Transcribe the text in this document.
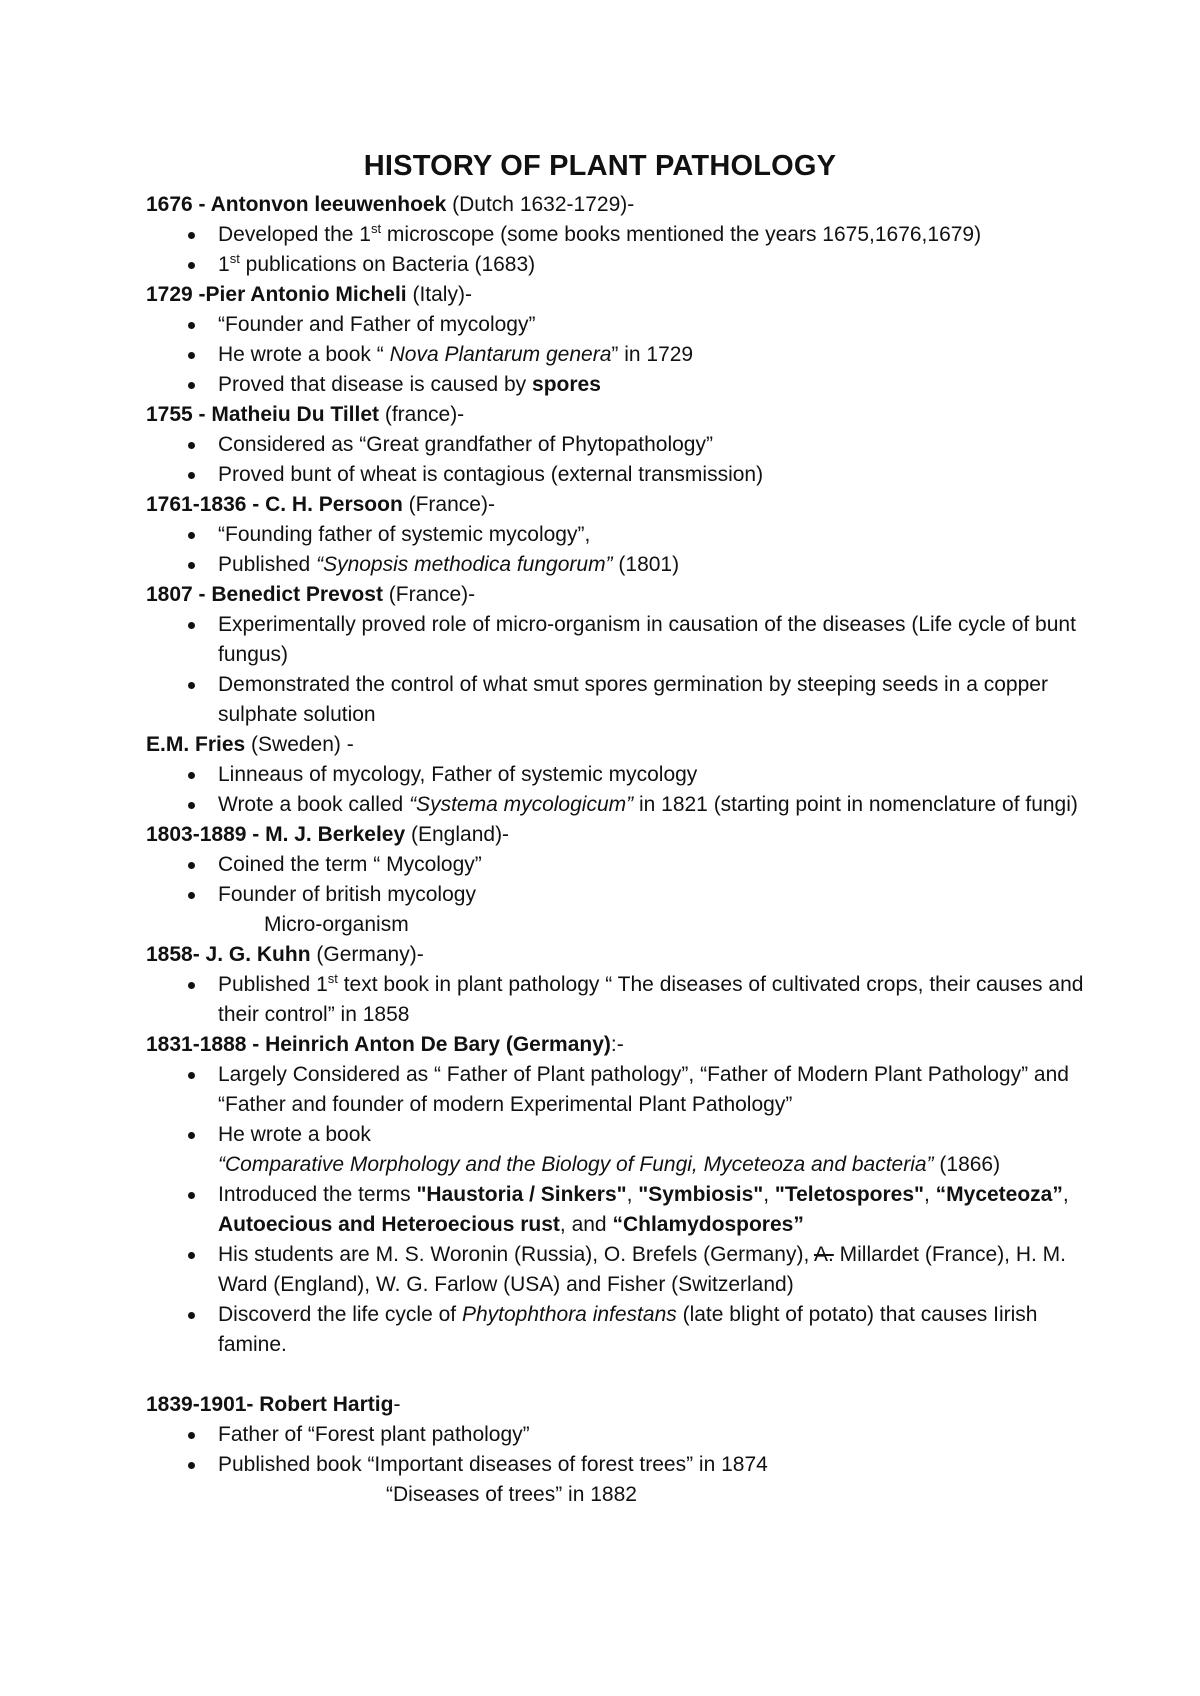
HISTORY OF PLANT PATHOLOGY
1676 - Antonvon leeuwenhoek (Dutch 1632-1729)-
Developed the 1st microscope (some books mentioned the years 1675,1676,1679)
1st publications on Bacteria (1683)
1729 -Pier Antonio Micheli (Italy)-
“Founder and Father of mycology”
He wrote a book “ Nova Plantarum genera” in 1729
Proved that disease is caused by spores
1755 - Matheiu Du Tillet (france)-
Considered as “Great grandfather of Phytopathology”
Proved bunt of wheat is contagious (external transmission)
1761-1836 - C. H. Persoon (France)-
“Founding father of systemic mycology”,
Published “Synopsis methodica fungorum” (1801)
1807 - Benedict Prevost (France)-
Experimentally proved role of micro-organism in causation of the diseases (Life cycle of bunt fungus)
Demonstrated the control of what smut spores germination by steeping seeds in a copper sulphate solution
E.M. Fries (Sweden) -
Linneaus of mycology, Father of systemic mycology
Wrote a book called “Systema mycologicum” in 1821 (starting point in nomenclature of fungi)
1803-1889 - M. J. Berkeley (England)-
Coined the term “ Mycology”
Founder of british mycology
Micro-organism
1858- J. G. Kuhn (Germany)-
Published 1st text book in plant pathology “ The diseases of cultivated crops, their causes and their control” in 1858
1831-1888 - Heinrich Anton De Bary (Germany):-
Largely Considered as “ Father of Plant pathology”, “Father of Modern Plant Pathology” and “Father and founder of modern Experimental Plant Pathology”
He wrote a book
“Comparative Morphology and the Biology of Fungi, Myceteoza and bacteria” (1866)
Introduced the terms "Haustoria / Sinkers", "Symbiosis", "Teletospores", “Myceteoza”, Autoecious and Heteroecious rust, and “Chlamydospores”
His students are M. S. Woronin (Russia), O. Brefels (Germany), A. Millardet (France), H. M. Ward (England), W. G. Farlow (USA) and Fisher (Switzerland)
Discoverd the life cycle of Phytophthora infestans (late blight of potato) that causes Iirish famine.
1839-1901- Robert Hartig-
Father of “Forest plant pathology”
Published book “Important diseases of forest trees” in 1874
“Diseases of trees” in 1882
